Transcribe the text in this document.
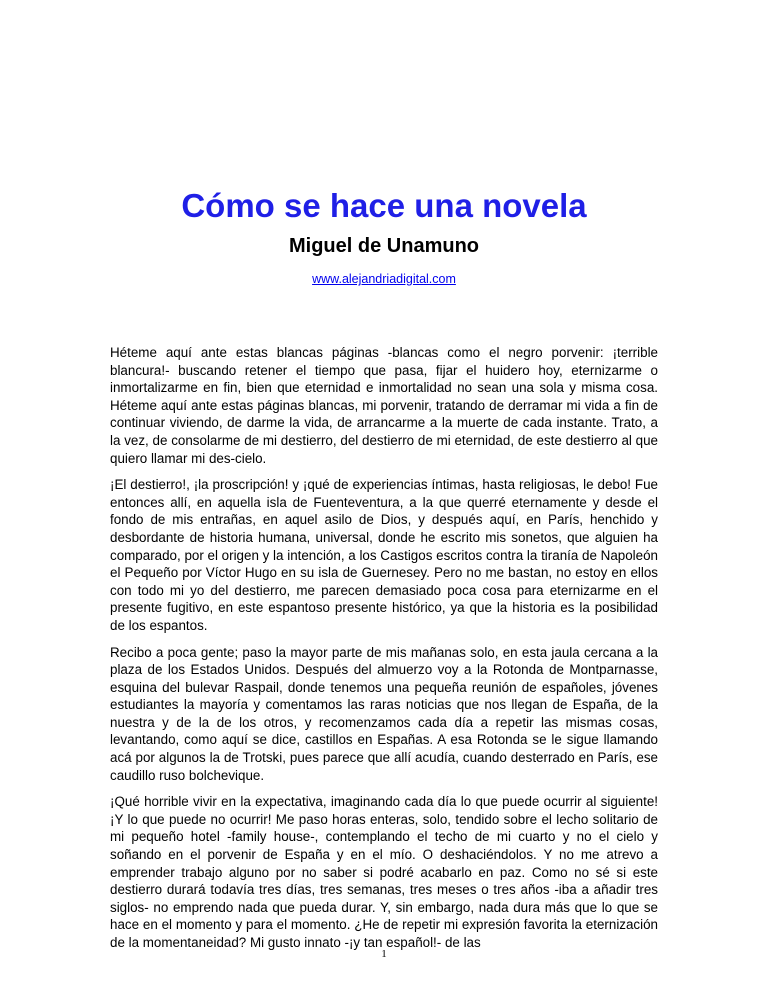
Cómo se hace una novela
Miguel de Unamuno
www.alejandriadigital.com

Héteme aquí ante estas blancas páginas -blancas como el negro porvenir: ¡terrible blancura!- buscando retener el tiempo que pasa, fijar el huidero hoy, eternizarme o inmortalizarme en fin, bien que eternidad e inmortalidad no sean una sola y misma cosa. Héteme aquí ante estas páginas blancas, mi porvenir, tratando de derramar mi vida a fin de continuar viviendo, de darme la vida, de arrancarme a la muerte de cada instante. Trato, a la vez, de consolarme de mi destierro, del destierro de mi eternidad, de este destierro al que quiero llamar mi des-cielo.

¡El destierro!, ¡la proscripción! y ¡qué de experiencias íntimas, hasta religiosas, le debo! Fue entonces allí, en aquella isla de Fuenteventura, a la que querré eternamente y desde el fondo de mis entrañas, en aquel asilo de Dios, y después aquí, en París, henchido y desbordante de historia humana, universal, donde he escrito mis sonetos, que alguien ha comparado, por el origen y la intención, a los Castigos escritos contra la tiranía de Napoleón el Pequeño por Víctor Hugo en su isla de Guernesey. Pero no me bastan, no estoy en ellos con todo mi yo del destierro, me parecen demasiado poca cosa para eternizarme en el presente fugitivo, en este espantoso presente histórico, ya que la historia es la posibilidad de los espantos.

Recibo a poca gente; paso la mayor parte de mis mañanas solo, en esta jaula cercana a la plaza de los Estados Unidos. Después del almuerzo voy a la Rotonda de Montparnasse, esquina del bulevar Raspail, donde tenemos una pequeña reunión de españoles, jóvenes estudiantes la mayoría y comentamos las raras noticias que nos llegan de España, de la nuestra y de la de los otros, y recomenzamos cada día a repetir las mismas cosas, levantando, como aquí se dice, castillos en Españas. A esa Rotonda se le sigue llamando acá por algunos la de Trotski, pues parece que allí acudía, cuando desterrado en París, ese caudillo ruso bolchevique.

¡Qué horrible vivir en la expectativa, imaginando cada día lo que puede ocurrir al siguiente! ¡Y lo que puede no ocurrir! Me paso horas enteras, solo, tendido sobre el lecho solitario de mi pequeño hotel -family house-, contemplando el techo de mi cuarto y no el cielo y soñando en el porvenir de España y en el mío. O deshaciéndolos. Y no me atrevo a emprender trabajo alguno por no saber si podré acabarlo en paz. Como no sé si este destierro durará todavía tres días, tres semanas, tres meses o tres años -iba a añadir tres siglos- no emprendo nada que pueda durar. Y, sin embargo, nada dura más que lo que se hace en el momento y para el momento. ¿He de repetir mi expresión favorita la eternización de la momentaneidad? Mi gusto innato -¡y tan español!- de las

1
